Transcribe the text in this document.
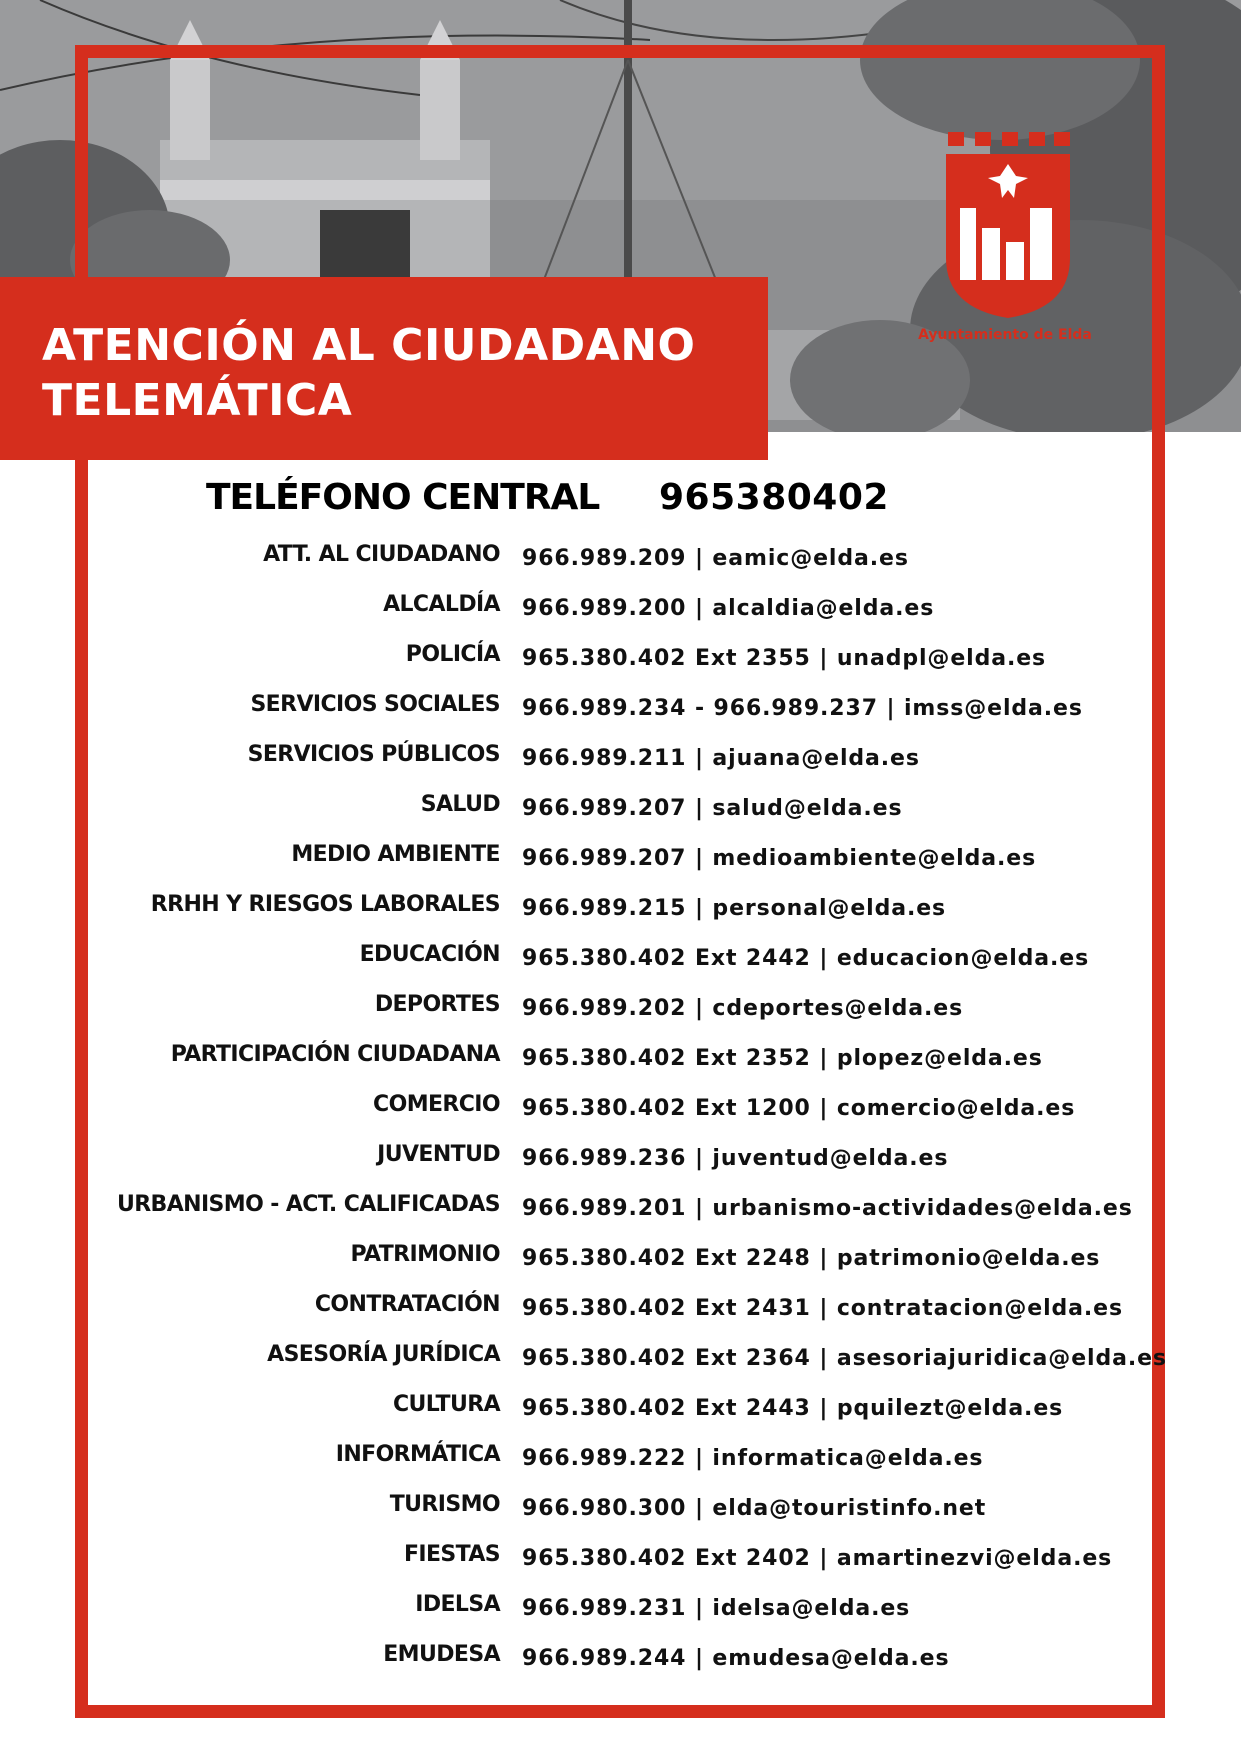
ATENCIÓN AL CIUDADANO
TELEMÁTICA
Ayuntamiento de Elda
TELÉFONO CENTRAL 965380402
ATT. AL CIUDADANO 966.989.209 | eamic@elda.es
ALCALDÍA 966.989.200 | alcaldia@elda.es
POLICÍA 965.380.402 Ext 2355 | unadpl@elda.es
SERVICIOS SOCIALES 966.989.234 - 966.989.237 | imss@elda.es
SERVICIOS PÚBLICOS 966.989.211 | ajuana@elda.es
SALUD 966.989.207 | salud@elda.es
MEDIO AMBIENTE 966.989.207 | medioambiente@elda.es
RRHH Y RIESGOS LABORALES 966.989.215 | personal@elda.es
EDUCACIÓN 965.380.402 Ext 2442 | educacion@elda.es
DEPORTES 966.989.202 | cdeportes@elda.es
PARTICIPACIÓN CIUDADANA 965.380.402 Ext 2352 | plopez@elda.es
COMERCIO 965.380.402 Ext 1200 | comercio@elda.es
JUVENTUD 966.989.236 | juventud@elda.es
URBANISMO - ACT. CALIFICADAS 966.989.201 | urbanismo-actividades@elda.es
PATRIMONIO 965.380.402 Ext 2248 | patrimonio@elda.es
CONTRATACIÓN 965.380.402 Ext 2431 | contratacion@elda.es
ASESORÍA JURÍDICA 965.380.402 Ext 2364 | asesoriajuridica@elda.es
CULTURA 965.380.402 Ext 2443 | pquilezt@elda.es
INFORMÁTICA 966.989.222 | informatica@elda.es
TURISMO 966.980.300 | elda@touristinfo.net
FIESTAS 965.380.402 Ext 2402 | amartinezvi@elda.es
IDELSA 966.989.231 | idelsa@elda.es
EMUDESA 966.989.244 | emudesa@elda.es
